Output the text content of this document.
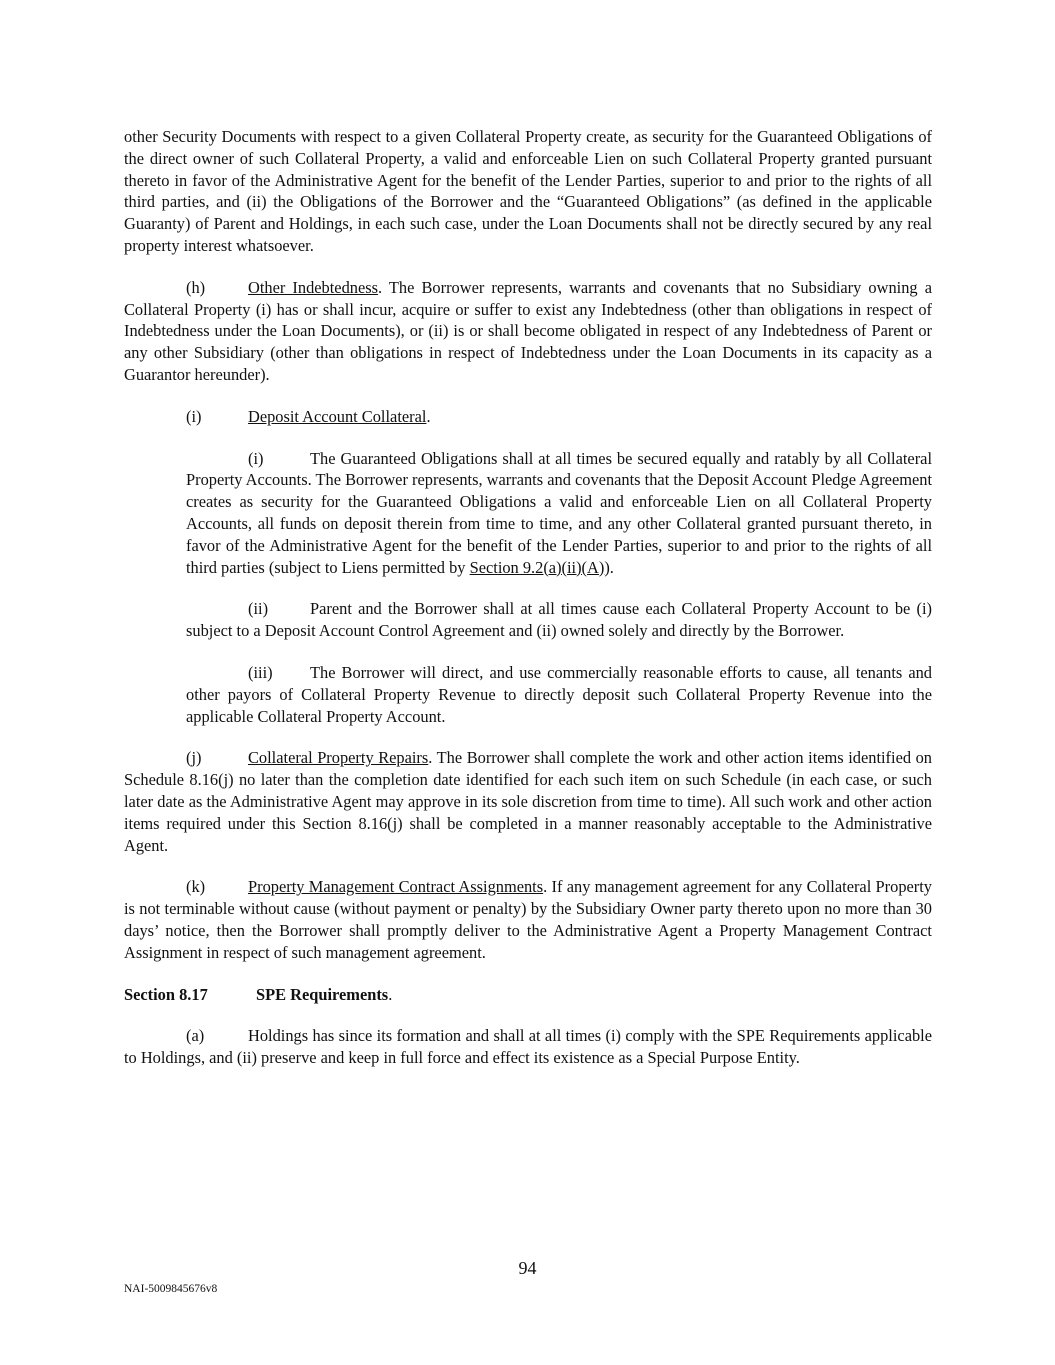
other Security Documents with respect to a given Collateral Property create, as security for the Guaranteed Obligations of the direct owner of such Collateral Property, a valid and enforceable Lien on such Collateral Property granted pursuant thereto in favor of the Administrative Agent for the benefit of the Lender Parties, superior to and prior to the rights of all third parties, and (ii) the Obligations of the Borrower and the “Guaranteed Obligations” (as defined in the applicable Guaranty) of Parent and Holdings, in each such case, under the Loan Documents shall not be directly secured by any real property interest whatsoever.

(h)	Other Indebtedness. The Borrower represents, warrants and covenants that no Subsidiary owning a Collateral Property (i) has or shall incur, acquire or suffer to exist any Indebtedness (other than obligations in respect of Indebtedness under the Loan Documents), or (ii) is or shall become obligated in respect of any Indebtedness of Parent or any other Subsidiary (other than obligations in respect of Indebtedness under the Loan Documents in its capacity as a Guarantor hereunder).

(i)	Deposit Account Collateral.

(i)	The Guaranteed Obligations shall at all times be secured equally and ratably by all Collateral Property Accounts. The Borrower represents, warrants and covenants that the Deposit Account Pledge Agreement creates as security for the Guaranteed Obligations a valid and enforceable Lien on all Collateral Property Accounts, all funds on deposit therein from time to time, and any other Collateral granted pursuant thereto, in favor of the Administrative Agent for the benefit of the Lender Parties, superior to and prior to the rights of all third parties (subject to Liens permitted by Section 9.2(a)(ii)(A)).

(ii)	Parent and the Borrower shall at all times cause each Collateral Property Account to be (i) subject to a Deposit Account Control Agreement and (ii) owned solely and directly by the Borrower.

(iii) The Borrower will direct, and use commercially reasonable efforts to cause, all tenants and other payors of Collateral Property Revenue to directly deposit such Collateral Property Revenue into the applicable Collateral Property Account.

(j)	Collateral Property Repairs. The Borrower shall complete the work and other action items identified on Schedule 8.16(j) no later than the completion date identified for each such item on such Schedule (in each case, or such later date as the Administrative Agent may approve in its sole discretion from time to time). All such work and other action items required under this Section 8.16(j) shall be completed in a manner reasonably acceptable to the Administrative Agent.

(k)	Property Management Contract Assignments. If any management agreement for any Collateral Property is not terminable without cause (without payment or penalty) by the Subsidiary Owner party thereto upon no more than 30 days’ notice, then the Borrower shall promptly deliver to the Administrative Agent a Property Management Contract Assignment in respect of such management agreement.

Section 8.17	SPE Requirements.

(a)	Holdings has since its formation and shall at all times (i) comply with the SPE Requirements applicable to Holdings, and (ii) preserve and keep in full force and effect its existence as a Special Purpose Entity.

94
NAI-5009845676v8
